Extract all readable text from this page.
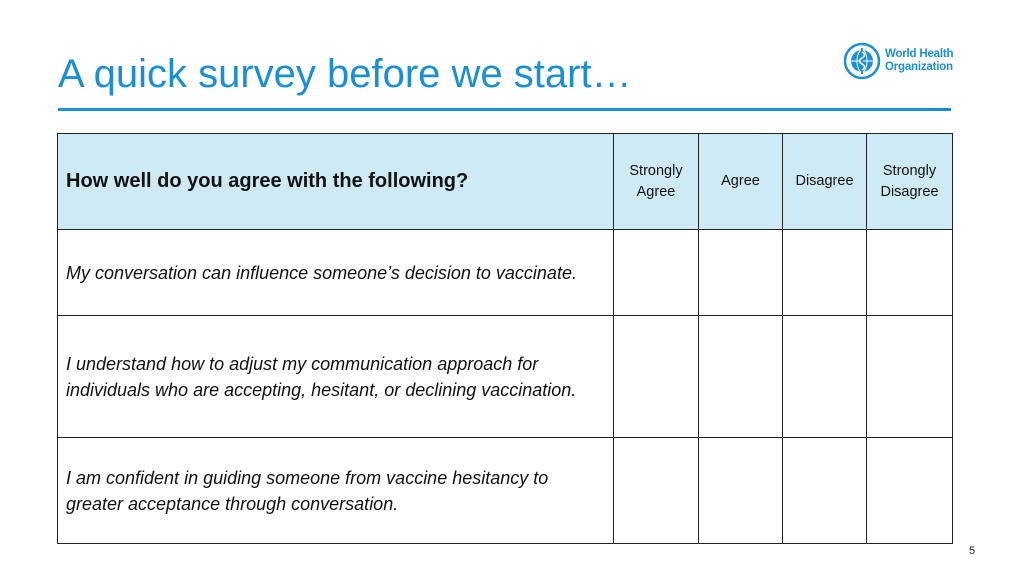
A quick survey before we start…	World Health
Organization
How well do you agree with the following?	Strongly Agree	Agree	Disagree	Strongly Disagree
My conversation can influence someone’s decision to vaccinate.				
I understand how to adjust my communication approach for individuals who are accepting, hesitant, or declining vaccination.				
I am confident in guiding someone from vaccine hesitancy to greater acceptance through conversation.				
5
